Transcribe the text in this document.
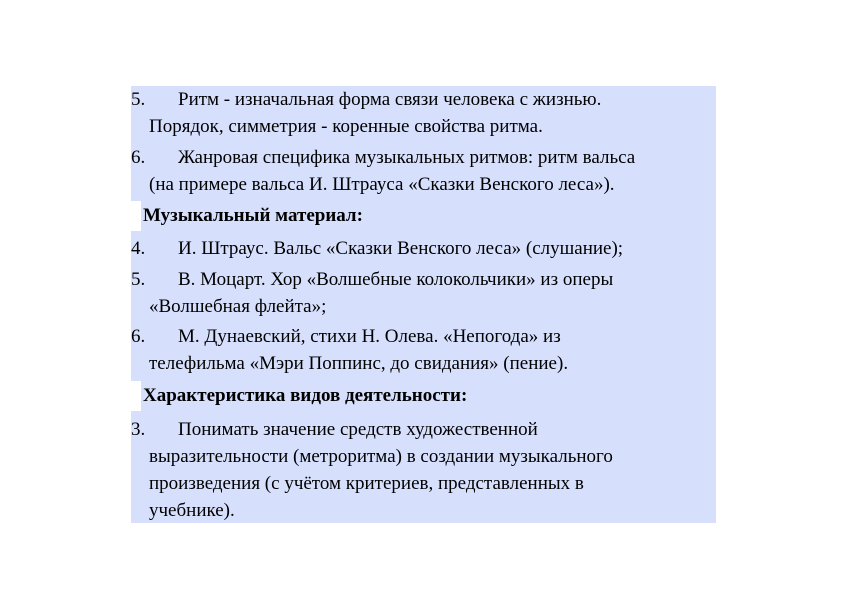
5. Ритм - изначальная форма связи человека с жизнью.
Порядок, симметрия - коренные свойства ритма.
6. Жанровая специфика музыкальных ритмов: ритм вальса
(на примере вальса И. Штрауса «Сказки Венского леса»).
Музыкальный материал:
4. И. Штраус. Вальс «Сказки Венского леса» (слушание);
5. В. Моцарт. Хор «Волшебные колокольчики» из оперы
«Волшебная флейта»;
6. М. Дунаевский, стихи Н. Олева. «Непогода» из
телефильма «Мэри Поппинс, до свидания» (пение).
Характеристика видов деятельности:
3. Понимать значение средств художественной
выразительности (метроритма) в создании музыкального
произведения (с учётом критериев, представленных в
учебнике).
